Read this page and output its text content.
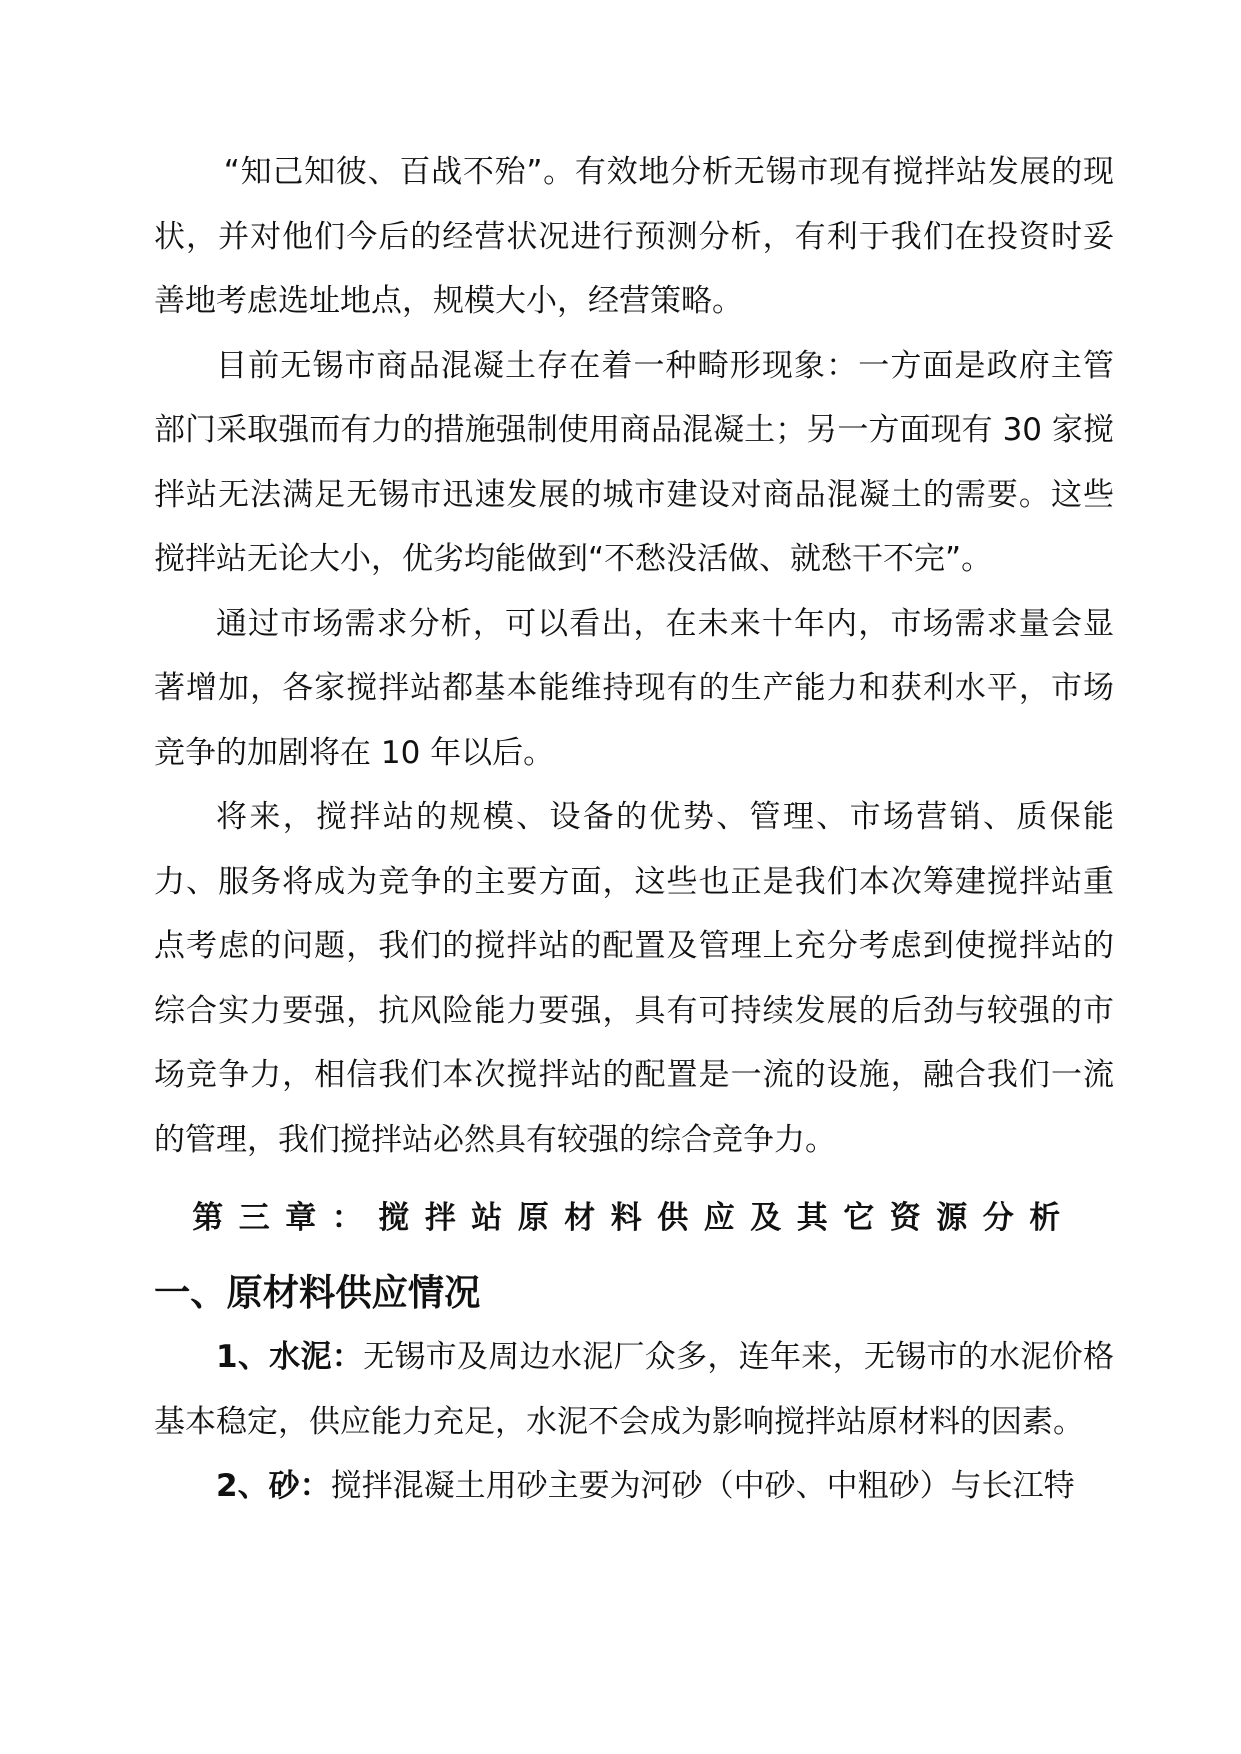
“知己知彼、百战不殆”。有效地分析无锡市现有搅拌站发展的现状，并对他们今后的经营状况进行预测分析，有利于我们在投资时妥善地考虑选址地点，规模大小，经营策略。

目前无锡市商品混凝土存在着一种畸形现象：一方面是政府主管部门采取强而有力的措施强制使用商品混凝土；另一方面现有 30 家搅拌站无法满足无锡市迅速发展的城市建设对商品混凝土的需要。这些搅拌站无论大小，优劣均能做到“不愁没活做、就愁干不完”。

通过市场需求分析，可以看出，在未来十年内，市场需求量会显著增加，各家搅拌站都基本能维持现有的生产能力和获利水平，市场竞争的加剧将在 10 年以后。

将来，搅拌站的规模、设备的优势、管理、市场营销、质保能力、服务将成为竞争的主要方面，这些也正是我们本次筹建搅拌站重点考虑的问题，我们的搅拌站的配置及管理上充分考虑到使搅拌站的综合实力要强，抗风险能力要强，具有可持续发展的后劲与较强的市场竞争力，相信我们本次搅拌站的配置是一流的设施，融合我们一流的管理，我们搅拌站必然具有较强的综合竞争力。

第三章：搅拌站原材料供应及其它资源分析
一、原材料供应情况

1、水泥：无锡市及周边水泥厂众多，连年来，无锡市的水泥价格基本稳定，供应能力充足，水泥不会成为影响搅拌站原材料的因素。

2、砂：搅拌混凝土用砂主要为河砂（中砂、中粗砂）与长江特
